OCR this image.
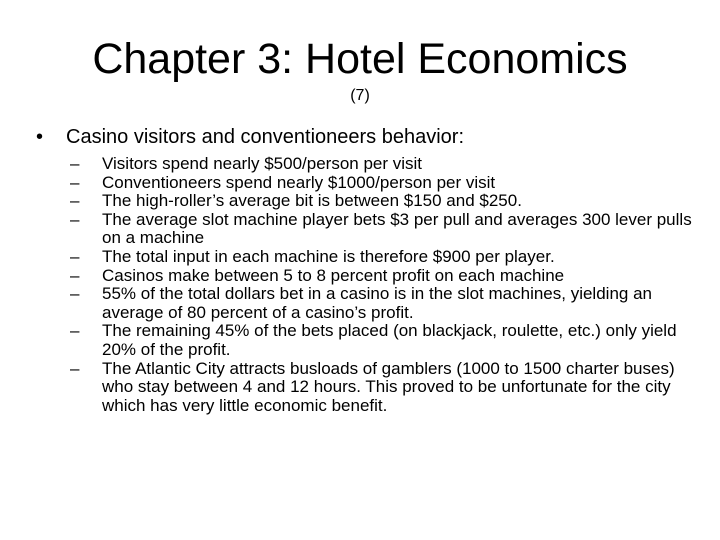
Chapter 3: Hotel Economics
(7)
•	Casino visitors and conventioneers behavior:
–	Visitors spend nearly $500/person per visit
–	Conventioneers spend nearly $1000/person per visit
–	The high-roller’s average bit is between $150 and $250.
–	The average slot machine player bets $3 per pull and averages 300 lever pulls on a machine
–	The total input in each machine is therefore $900 per player.
–	Casinos make between 5 to 8 percent profit on each machine
–	55% of the total dollars bet in a casino is in the slot machines, yielding an average of 80 percent of a casino’s profit.
–	The remaining 45% of the bets placed (on blackjack, roulette, etc.) only yield 20% of the profit.
–	The Atlantic City attracts busloads of gamblers (1000 to 1500 charter buses) who stay between 4 and 12 hours. This proved to be unfortunate for the city which has very little economic benefit.
